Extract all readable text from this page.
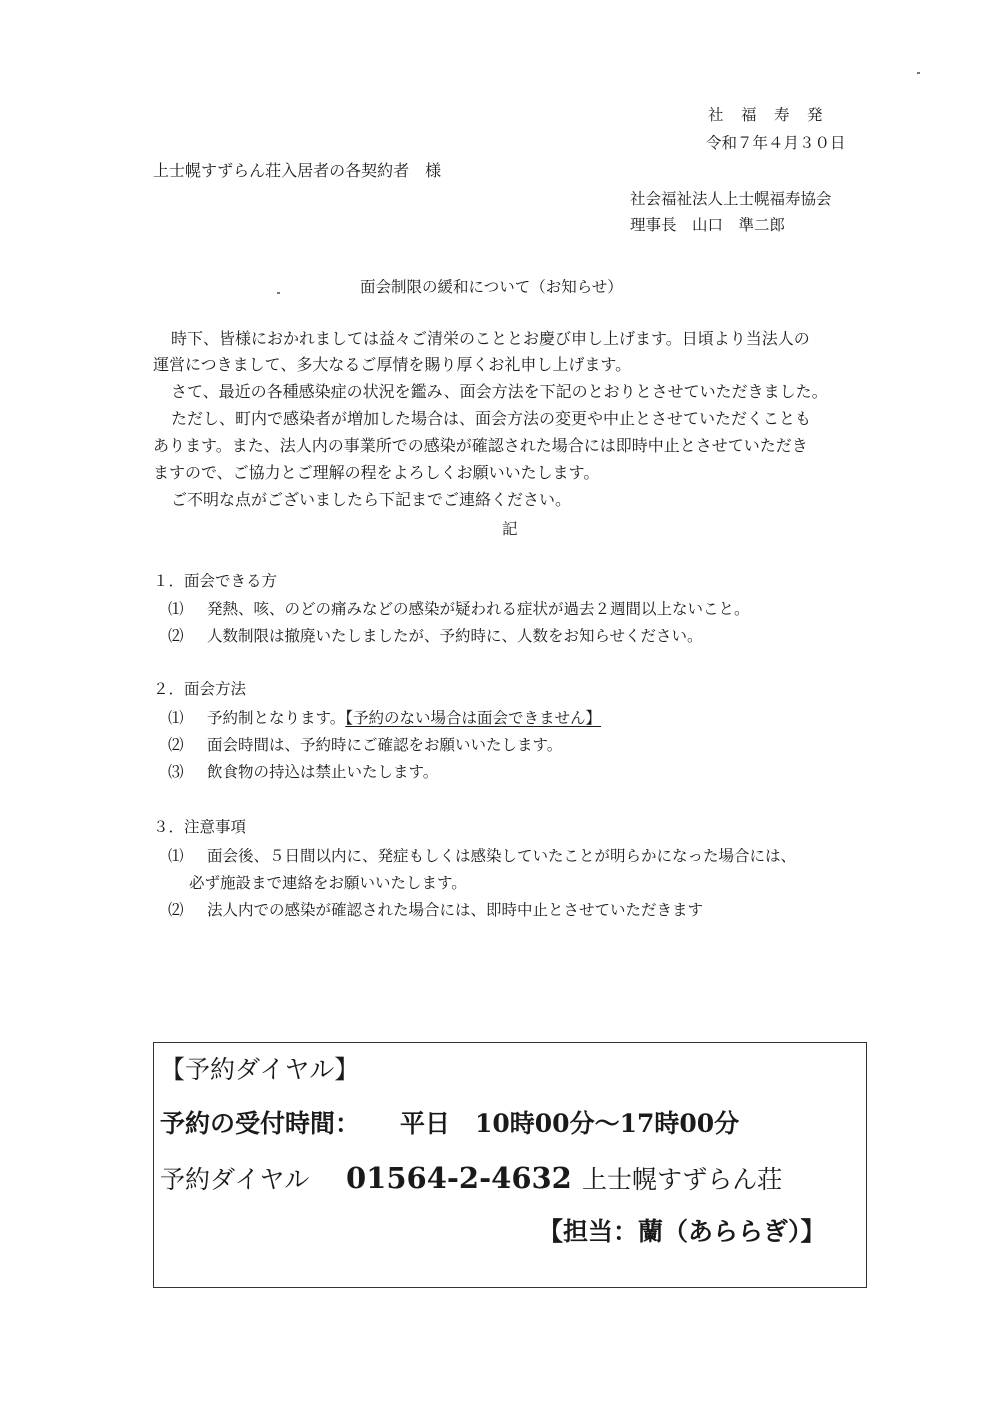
社　福　寿　発
令和７年４月３０日
上士幌すずらん荘入居者の各契約者　様
社会福祉法人上士幌福寿協会
理事長　山口　準二郎
面会制限の緩和について（お知らせ）
時下、皆様におかれましては益々ご清栄のこととお慶び申し上げます。日頃より当法人の
運営につきまして、多大なるご厚情を賜り厚くお礼申し上げます。
さて、最近の各種感染症の状況を鑑み、面会方法を下記のとおりとさせていただきました。
ただし、町内で感染者が増加した場合は、面会方法の変更や中止とさせていただくことも
あります。また、法人内の事業所での感染が確認された場合には即時中止とさせていただき
ますので、ご協力とご理解の程をよろしくお願いいたします。
ご不明な点がございましたら下記までご連絡ください。
記
１．面会できる方
⑴ 発熱、咳、のどの痛みなどの感染が疑われる症状が過去２週間以上ないこと。
⑵ 人数制限は撤廃いたしましたが、予約時に、人数をお知らせください。
２．面会方法
⑴ 予約制となります。【予約のない場合は面会できません】
⑵ 面会時間は、予約時にご確認をお願いいたします。
⑶ 飲食物の持込は禁止いたします。
３．注意事項
⑴ 面会後、５日間以内に、発症もしくは感染していたことが明らかになった場合には、
必ず施設まで連絡をお願いいたします。
⑵ 法人内での感染が確認された場合には、即時中止とさせていただきます
【予約ダイヤル】
予約の受付時間： 平日　10時00分～17時00分
予約ダイヤル 01564-2-4632 上士幌すずらん荘
【担当：蘭（あららぎ）】
